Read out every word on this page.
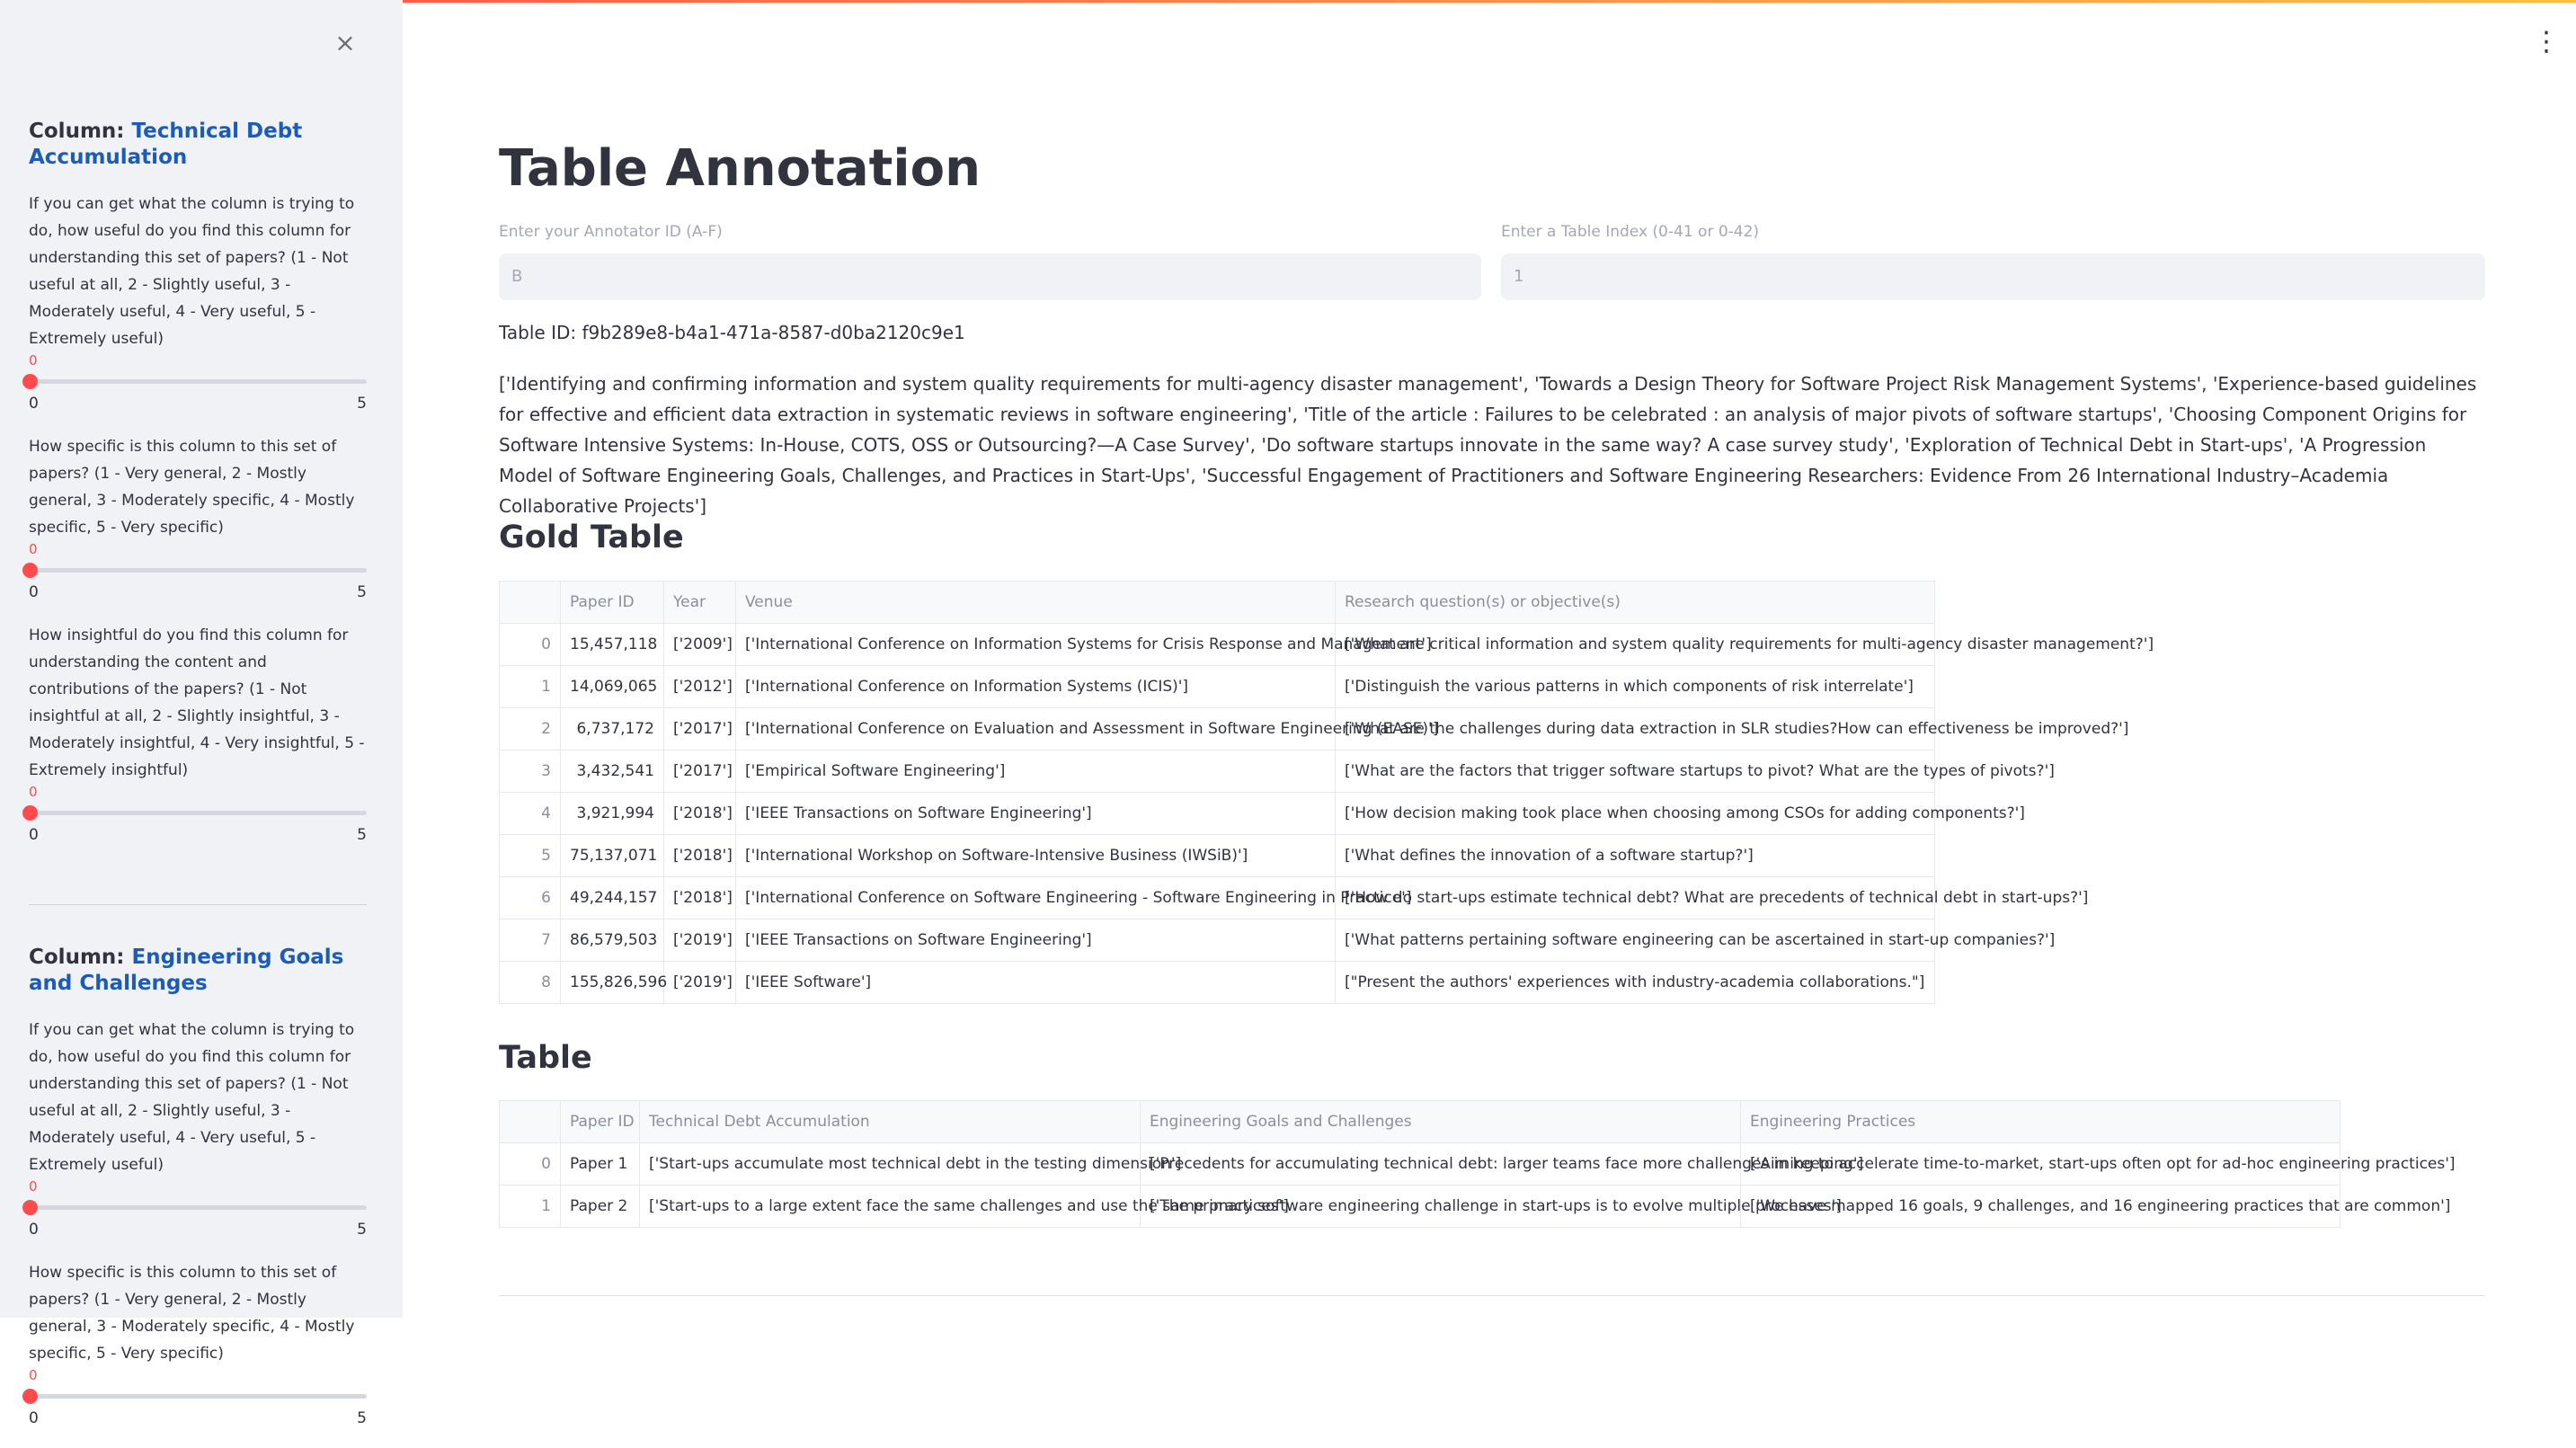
×
Column: Technical Debt Accumulation
If you can get what the column is trying to do, how useful do you find this column for understanding this set of papers? (1 - Not useful at all, 2 - Slightly useful, 3 - Moderately useful, 4 - Very useful, 5 - Extremely useful)
0
0	5
How specific is this column to this set of papers? (1 - Very general, 2 - Mostly general, 3 - Moderately specific, 4 - Mostly specific, 5 - Very specific)
0
0	5
How insightful do you find this column for understanding the content and contributions of the papers? (1 - Not insightful at all, 2 - Slightly insightful, 3 - Moderately insightful, 4 - Very insightful, 5 - Extremely insightful)
0
0	5
Column: Engineering Goals and Challenges
If you can get what the column is trying to do, how useful do you find this column for understanding this set of papers? (1 - Not useful at all, 2 - Slightly useful, 3 - Moderately useful, 4 - Very useful, 5 - Extremely useful)
0
0	5
How specific is this column to this set of papers? (1 - Very general, 2 - Mostly general, 3 - Moderately specific, 4 - Mostly specific, 5 - Very specific)
0
0	5
⋮
Table Annotation
Enter your Annotator ID (A-F)
B
Enter a Table Index (0-41 or 0-42)
1
Table ID: f9b289e8-b4a1-471a-8587-d0ba2120c9e1
['Identifying and confirming information and system quality requirements for multi-agency disaster management', 'Towards a Design Theory for Software Project Risk Management Systems', 'Experience-based guidelines for effective and efficient data extraction in systematic reviews in software engineering', 'Title of the article : Failures to be celebrated : an analysis of major pivots of software startups', 'Choosing Component Origins for Software Intensive Systems: In-House, COTS, OSS or Outsourcing?—A Case Survey', 'Do software startups innovate in the same way? A case survey study', 'Exploration of Technical Debt in Start-ups', 'A Progression Model of Software Engineering Goals, Challenges, and Practices in Start-Ups', 'Successful Engagement of Practitioners and Software Engineering Researchers: Evidence From 26 International Industry–Academia Collaborative Projects']
Gold Table
	Paper ID	Year	Venue	Research question(s) or objective(s)
0	15,457,118	['2009']	['International Conference on Information Systems for Crisis Response and Management']	['What are critical information and system quality requirements for multi-agency disaster management?']
1	14,069,065	['2012']	['International Conference on Information Systems (ICIS)']	['Distinguish the various patterns in which components of risk interrelate']
2	6,737,172	['2017']	['International Conference on Evaluation and Assessment in Software Engineering (EASE)']	['What are the challenges during data extraction in SLR studies?How can effectiveness be improved?']
3	3,432,541	['2017']	['Empirical Software Engineering']	['What are the factors that trigger software startups to pivot? What are the types of pivots?']
4	3,921,994	['2018']	['IEEE Transactions on Software Engineering']	['How decision making took place when choosing among CSOs for adding components?']
5	75,137,071	['2018']	['International Workshop on Software-Intensive Business (IWSiB)']	['What defines the innovation of a software startup?']
6	49,244,157	['2018']	['International Conference on Software Engineering - Software Engineering in Practice']	['How do start-ups estimate technical debt? What are precedents of technical debt in start-ups?']
7	86,579,503	['2019']	['IEEE Transactions on Software Engineering']	['What patterns pertaining software engineering can be ascertained in start-up companies?']
8	155,826,596	['2019']	['IEEE Software']	["Present the authors' experiences with industry-academia collaborations."]
Table
	Paper ID	Technical Debt Accumulation	Engineering Goals and Challenges	Engineering Practices
0	Paper 1	['Start-ups accumulate most technical debt in the testing dimension']	['Precedents for accumulating technical debt: larger teams face more challenges in keeping']	['Aiming to accelerate time-to-market, start-ups often opt for ad-hoc engineering practices']
1	Paper 2	['Start-ups to a large extent face the same challenges and use the same practices']	['The primary software engineering challenge in start-ups is to evolve multiple processes']	['We have mapped 16 goals, 9 challenges, and 16 engineering practices that are common']
